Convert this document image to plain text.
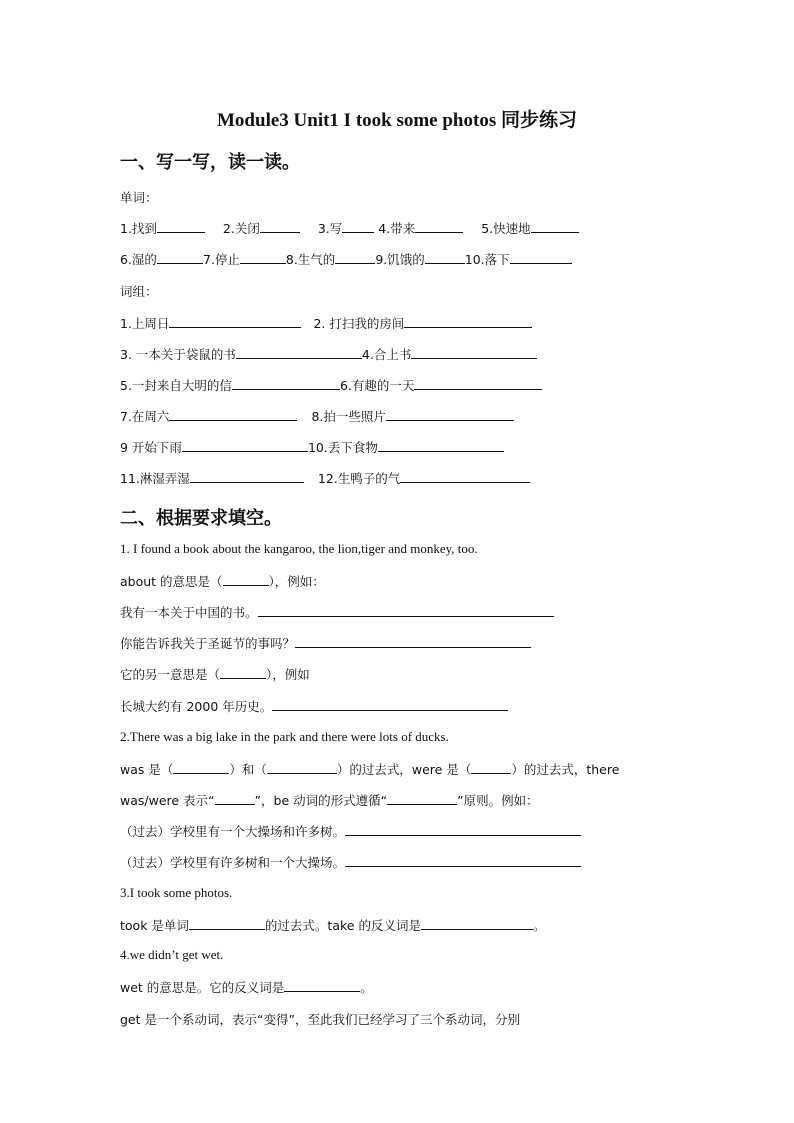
Module3 Unit1 I took some photos 同步练习
一、写一写，读一读。
单词：
1.找到	2.关闭	3.写	4.带来	5.快速地
6.湿的	7.停止	8.生气的	9.饥饿的	10.落下
词组：
1.上周日	2. 打扫我的房间
3. 一本关于袋鼠的书	4.合上书
5.一封来自大明的信	6.有趣的一天
7.在周六	8.拍一些照片
9 开始下雨	10.丢下食物
11.淋湿弄湿	12.生鸭子的气
二、根据要求填空。
1. I found a book about the kangaroo, the lion,tiger and monkey, too.
about 的意思是（	），例如：
我有一本关于中国的书。
你能告诉我关于圣诞节的事吗？
它的另一意思是（	），例如
长城大约有 2000 年历史。
2.There was a big lake in the park and there were lots of ducks.
was 是（	）和（	）的过去式，were 是（	）的过去式，there
was/were 表示“	”，be 动词的形式遵循“	”原则。例如：
（过去）学校里有一个大操场和许多树。
（过去）学校里有许多树和一个大操场。
3.I took some photos.
took 是单词	的过去式。take 的反义词是	。
4.we didn’t get wet.
wet 的意思是。它的反义词是	。
get 是一个系动词，表示“变得”，至此我们已经学习了三个系动词，分别
